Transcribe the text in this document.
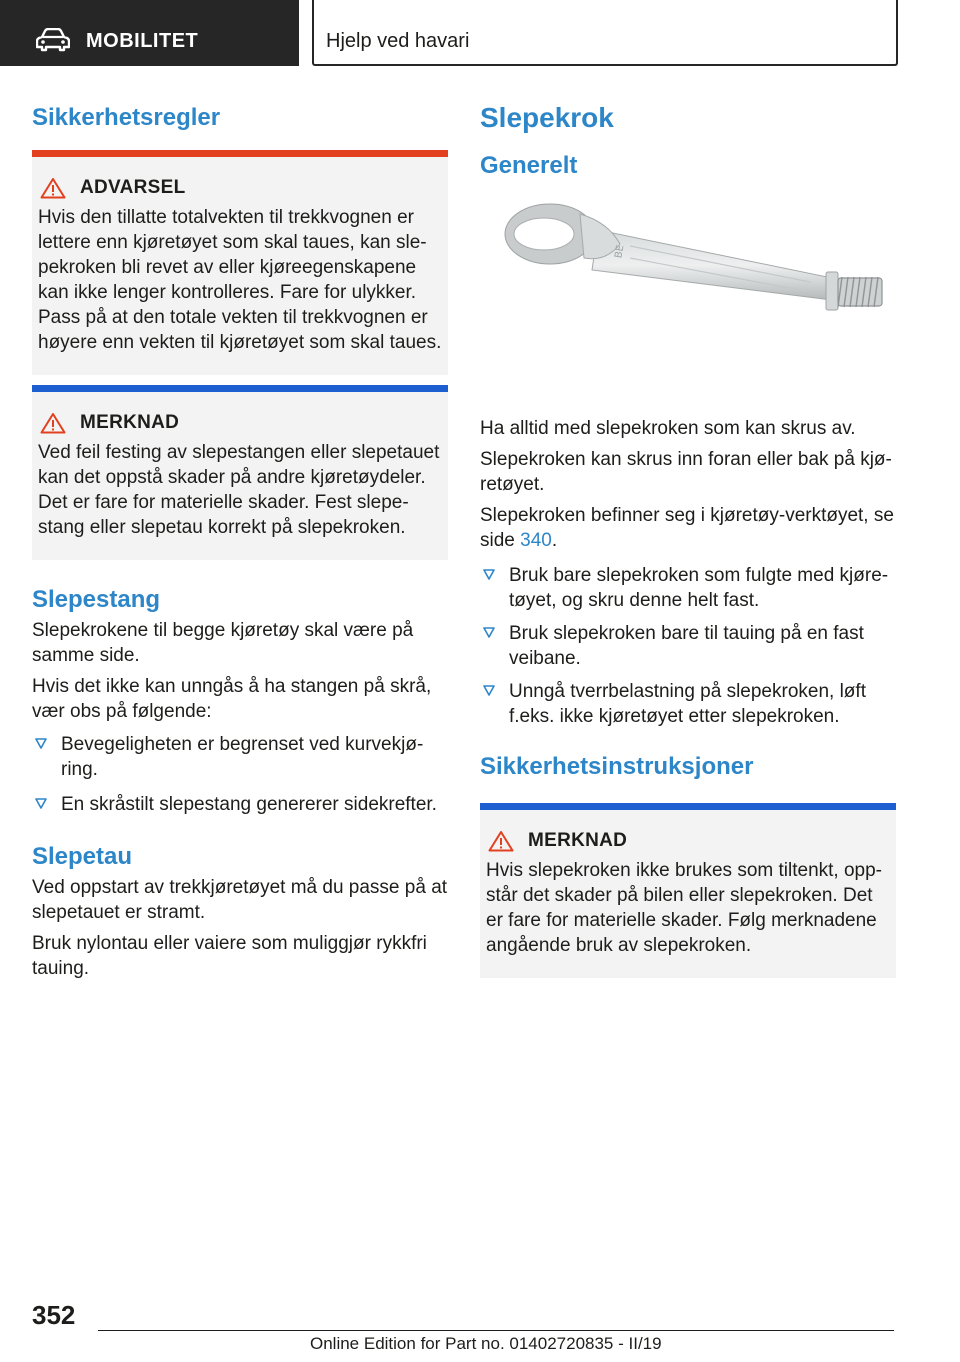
MOBILITET	Hjelp ved havari
Sikkerhetsregler
ADVARSEL

Hvis den tillatte totalvekten til trekkvognen er lettere enn kjøretøyet som skal taues, kan slepekroken bli revet av eller kjøreegenskapene kan ikke lenger kontrolleres. Fare for ulykker. Pass på at den totale vekten til trekkvognen er høyere enn vekten til kjøretøyet som skal taues.

MERKNAD

Ved feil festing av slepestangen eller slepetauet kan det oppstå skader på andre kjøretøydeler. Det er fare for materielle skader. Fest slepestang eller slepetau korrekt på slepekroken.

Slepestang

Slepekrokene til begge kjøretøy skal være på samme side.

Hvis det ikke kan unngås å ha stangen på skrå, vær obs på følgende:

Bevegeligheten er begrenset ved kurvekjøring.
En skråstilt slepestang genererer sidekrefter.
Slepetau

Ved oppstart av trekkjøretøyet må du passe på at slepetauet er stramt.

Bruk nylontau eller vaiere som muliggjør rykkfri tauing.

Slepekrok
Generelt
BE

Ha alltid med slepekroken som kan skrus av.

Slepekroken kan skrus inn foran eller bak på kjøretøyet.

Slepekroken befinner seg i kjøretøy-verktøyet, se side 340.

Bruk bare slepekroken som fulgte med kjøretøyet, og skru denne helt fast.
Bruk slepekroken bare til tauing på en fast veibane.
Unngå tverrbelastning på slepekroken, løft f.eks. ikke kjøretøyet etter slepekroken.
Sikkerhetsinstruksjoner
MERKNAD

Hvis slepekroken ikke brukes som tiltenkt, oppstår det skader på bilen eller slepekroken. Det er fare for materielle skader. Følg merknadene angående bruk av slepekroken.

352
Online Edition for Part no. 01402720835 - II/19
